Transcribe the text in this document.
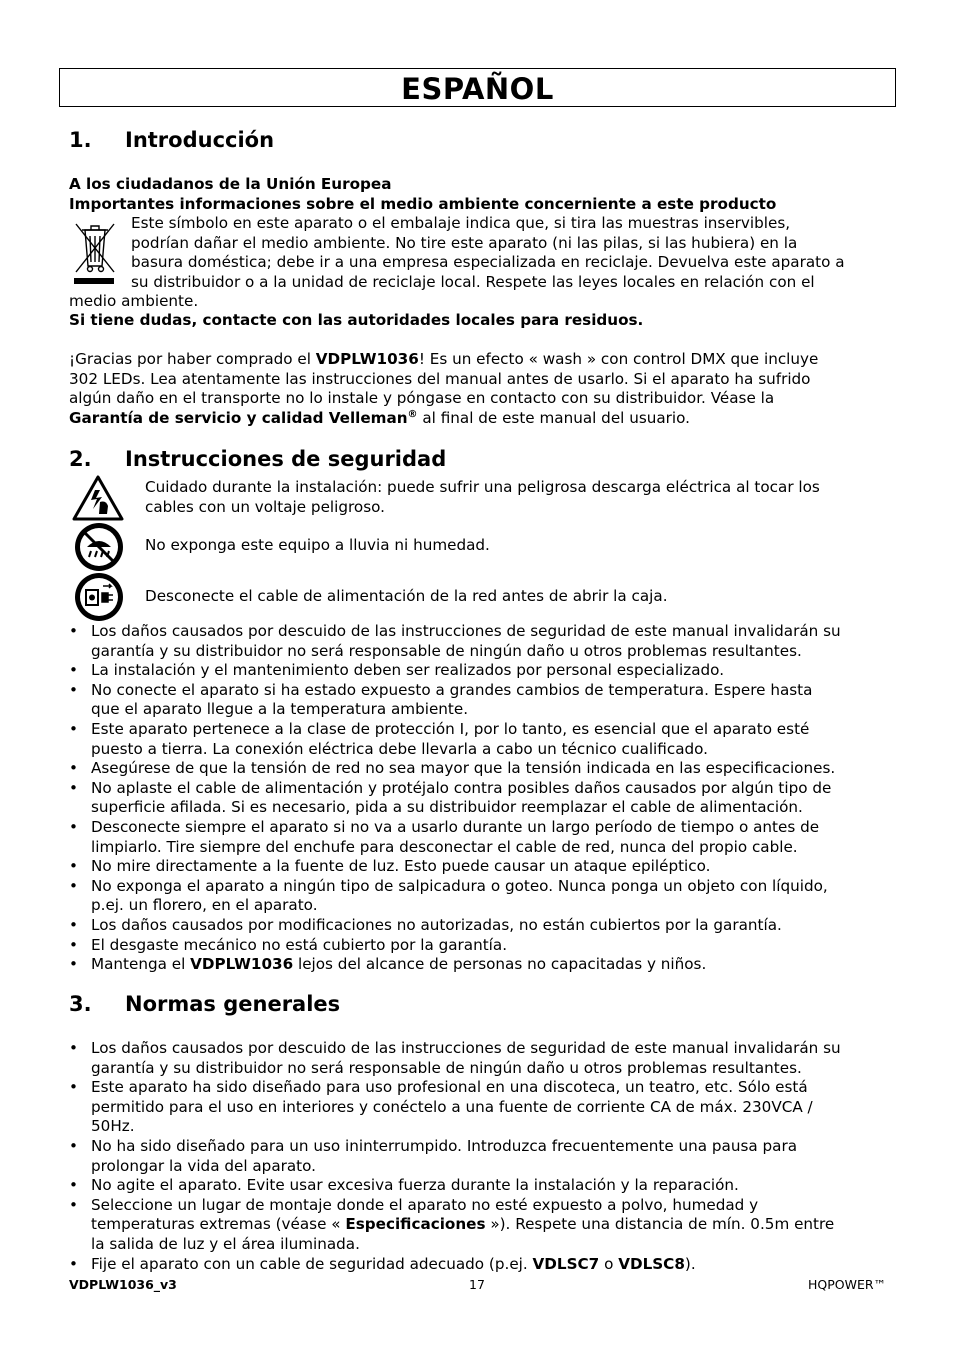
ESPAÑOL
1. Introducción
A los ciudadanos de la Unión Europea
Importantes informaciones sobre el medio ambiente concerniente a este producto
Este símbolo en este aparato o el embalaje indica que, si tira las muestras inservibles,
podrían dañar el medio ambiente. No tire este aparato (ni las pilas, si las hubiera) en la
basura doméstica; debe ir a una empresa especializada en reciclaje. Devuelva este aparato a
su distribuidor o a la unidad de reciclaje local. Respete las leyes locales en relación con el
medio ambiente.
Si tiene dudas, contacte con las autoridades locales para residuos.
¡Gracias por haber comprado el VDPLW1036! Es un efecto « wash » con control DMX que incluye
302 LEDs. Lea atentamente las instrucciones del manual antes de usarlo. Si el aparato ha sufrido
algún daño en el transporte no lo instale y póngase en contacto con su distribuidor. Véase la
Garantía de servicio y calidad Velleman® al final de este manual del usuario.
2. Instrucciones de seguridad
Cuidado durante la instalación: puede sufrir una peligrosa descarga eléctrica al tocar los
cables con un voltaje peligroso.
No exponga este equipo a lluvia ni humedad.
Desconecte el cable de alimentación de la red antes de abrir la caja.
• Los daños causados por descuido de las instrucciones de seguridad de este manual invalidarán su
garantía y su distribuidor no será responsable de ningún daño u otros problemas resultantes.
• La instalación y el mantenimiento deben ser realizados por personal especializado.
• No conecte el aparato si ha estado expuesto a grandes cambios de temperatura. Espere hasta
que el aparato llegue a la temperatura ambiente.
• Este aparato pertenece a la clase de protección I, por lo tanto, es esencial que el aparato esté
puesto a tierra. La conexión eléctrica debe llevarla a cabo un técnico cualificado.
• Asegúrese de que la tensión de red no sea mayor que la tensión indicada en las especificaciones.
• No aplaste el cable de alimentación y protéjalo contra posibles daños causados por algún tipo de
superficie afilada. Si es necesario, pida a su distribuidor reemplazar el cable de alimentación.
• Desconecte siempre el aparato si no va a usarlo durante un largo período de tiempo o antes de
limpiarlo. Tire siempre del enchufe para desconectar el cable de red, nunca del propio cable.
• No mire directamente a la fuente de luz. Esto puede causar un ataque epiléptico.
• No exponga el aparato a ningún tipo de salpicadura o goteo. Nunca ponga un objeto con líquido,
p.ej. un florero, en el aparato.
• Los daños causados por modificaciones no autorizadas, no están cubiertos por la garantía.
• El desgaste mecánico no está cubierto por la garantía.
• Mantenga el VDPLW1036 lejos del alcance de personas no capacitadas y niños.
3. Normas generales
• Los daños causados por descuido de las instrucciones de seguridad de este manual invalidarán su
garantía y su distribuidor no será responsable de ningún daño u otros problemas resultantes.
• Este aparato ha sido diseñado para uso profesional en una discoteca, un teatro, etc. Sólo está
permitido para el uso en interiores y conéctelo a una fuente de corriente CA de máx. 230VCA /
50Hz.
• No ha sido diseñado para un uso ininterrumpido. Introduzca frecuentemente una pausa para
prolongar la vida del aparato.
• No agite el aparato. Evite usar excesiva fuerza durante la instalación y la reparación.
• Seleccione un lugar de montaje donde el aparato no esté expuesto a polvo, humedad y
temperaturas extremas (véase « Especificaciones »). Respete una distancia de mín. 0.5m entre
la salida de luz y el área iluminada.
• Fije el aparato con un cable de seguridad adecuado (p.ej. VDLSC7 o VDLSC8).
VDPLW1036_v3	17	HQPOWER™
